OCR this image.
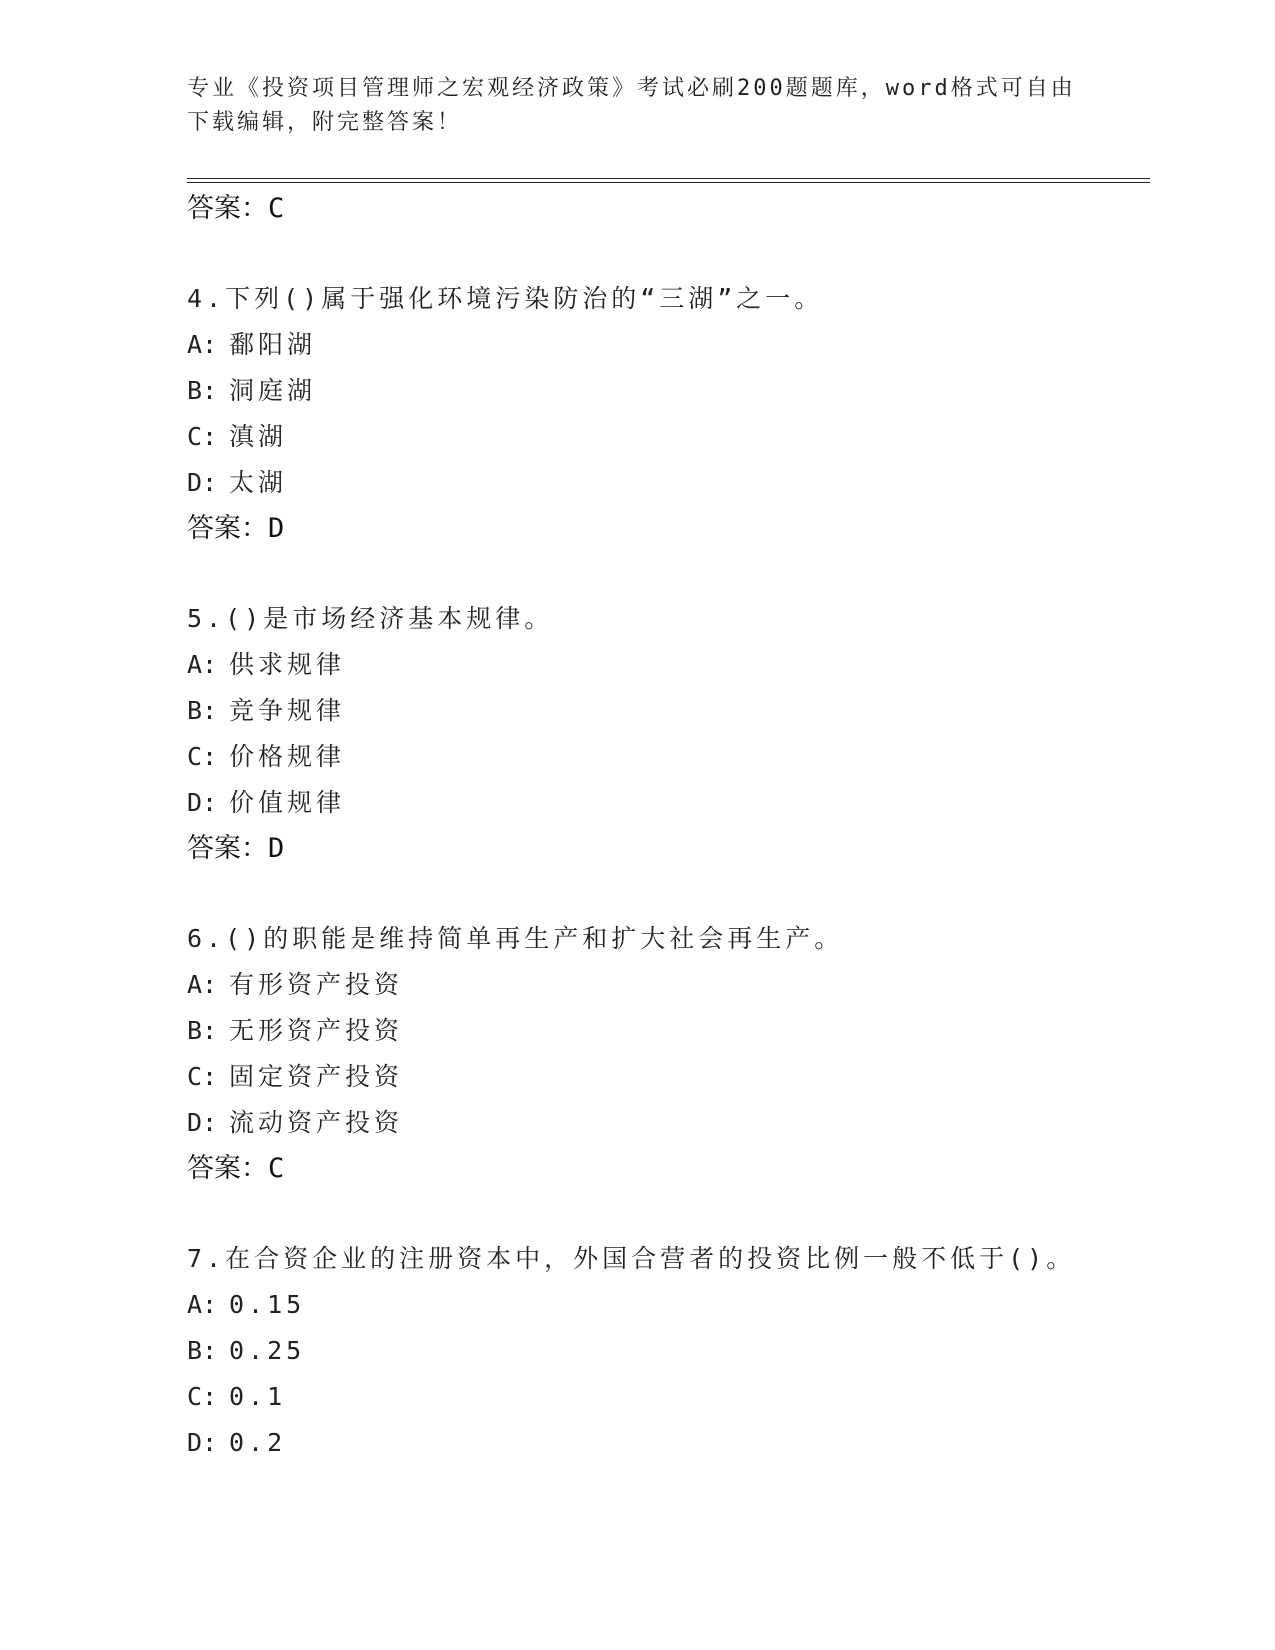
专业《投资项目管理师之宏观经济政策》考试必刷200题题库，word格式可自由
下载编辑，附完整答案！
答案：C
4.下列()属于强化环境污染防治的“三湖”之一。
A: 鄱阳湖
B: 洞庭湖
C: 滇湖
D: 太湖
答案：D
5.()是市场经济基本规律。
A: 供求规律
B: 竞争规律
C: 价格规律
D: 价值规律
答案：D
6.()的职能是维持简单再生产和扩大社会再生产。
A: 有形资产投资
B: 无形资产投资
C: 固定资产投资
D: 流动资产投资
答案：C
7.在合资企业的注册资本中，外国合营者的投资比例一般不低于()。
A: 0.15
B: 0.25
C: 0.1
D: 0.2
